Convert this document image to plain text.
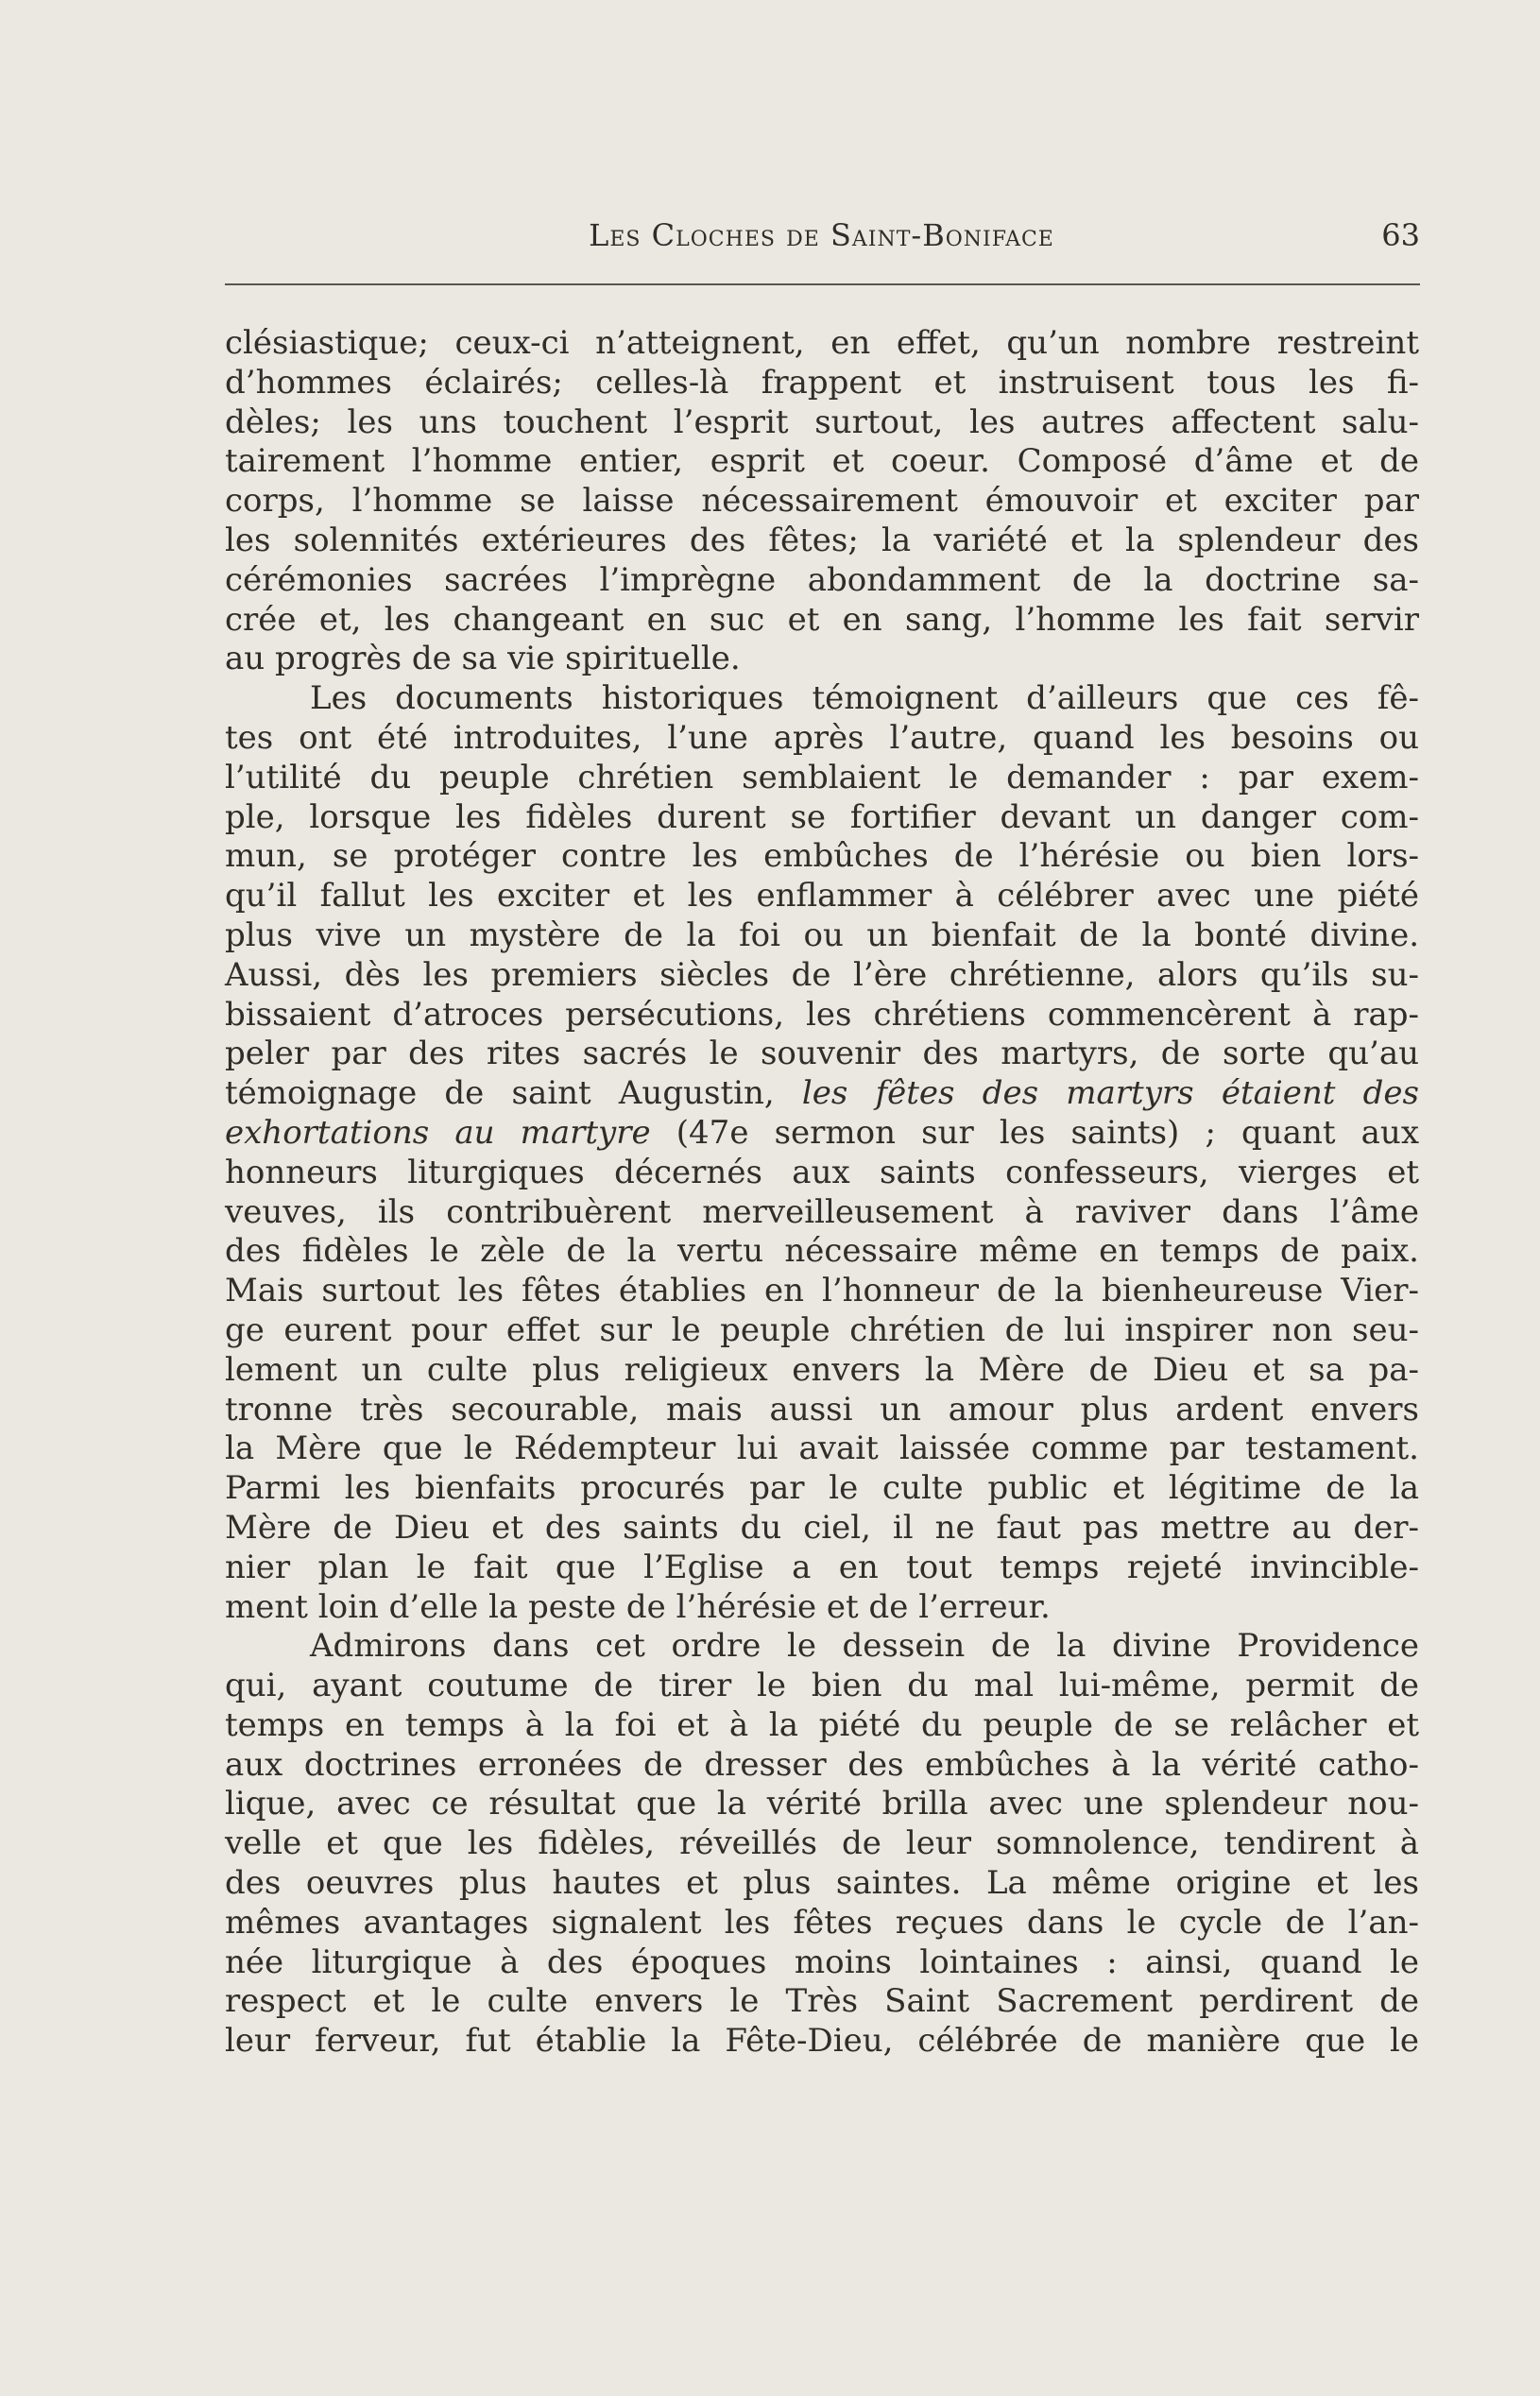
Les Cloches de Saint-Boniface	63
clésiastique; ceux-ci n’atteignent, en effet, qu’un nombre restreint
d’hommes éclairés; celles-là frappent et instruisent tous les fi-
dèles; les uns touchent l’esprit surtout, les autres affectent salu-
tairement l’homme entier, esprit et coeur. Composé d’âme et de
corps, l’homme se laisse nécessairement émouvoir et exciter par
les solennités extérieures des fêtes; la variété et la splendeur des
cérémonies sacrées l’imprègne abondamment de la doctrine sa-
crée et, les changeant en suc et en sang, l’homme les fait servir
au progrès de sa vie spirituelle.
Les documents historiques témoignent d’ailleurs que ces fê-
tes ont été introduites, l’une après l’autre, quand les besoins ou
l’utilité du peuple chrétien semblaient le demander : par exem-
ple, lorsque les fidèles durent se fortifier devant un danger com-
mun, se protéger contre les embûches de l’hérésie ou bien lors-
qu’il fallut les exciter et les enflammer à célébrer avec une piété
plus vive un mystère de la foi ou un bienfait de la bonté divine.
Aussi, dès les premiers siècles de l’ère chrétienne, alors qu’ils su-
bissaient d’atroces persécutions, les chrétiens commencèrent à rap-
peler par des rites sacrés le souvenir des martyrs, de sorte qu’au
témoignage de saint Augustin, les fêtes des martyrs étaient des
exhortations au martyre (47e sermon sur les saints) ; quant aux
honneurs liturgiques décernés aux saints confesseurs, vierges et
veuves, ils contribuèrent merveilleusement à raviver dans l’âme
des fidèles le zèle de la vertu nécessaire même en temps de paix.
Mais surtout les fêtes établies en l’honneur de la bienheureuse Vier-
ge eurent pour effet sur le peuple chrétien de lui inspirer non seu-
lement un culte plus religieux envers la Mère de Dieu et sa pa-
tronne très secourable, mais aussi un amour plus ardent envers
la Mère que le Rédempteur lui avait laissée comme par testament.
Parmi les bienfaits procurés par le culte public et légitime de la
Mère de Dieu et des saints du ciel, il ne faut pas mettre au der-
nier plan le fait que l’Eglise a en tout temps rejeté invincible-
ment loin d’elle la peste de l’hérésie et de l’erreur.
Admirons dans cet ordre le dessein de la divine Providence
qui, ayant coutume de tirer le bien du mal lui-même, permit de
temps en temps à la foi et à la piété du peuple de se relâcher et
aux doctrines erronées de dresser des embûches à la vérité catho-
lique, avec ce résultat que la vérité brilla avec une splendeur nou-
velle et que les fidèles, réveillés de leur somnolence, tendirent à
des oeuvres plus hautes et plus saintes. La même origine et les
mêmes avantages signalent les fêtes reçues dans le cycle de l’an-
née liturgique à des époques moins lointaines : ainsi, quand le
respect et le culte envers le Très Saint Sacrement perdirent de
leur ferveur, fut établie la Fête-Dieu, célébrée de manière que le
